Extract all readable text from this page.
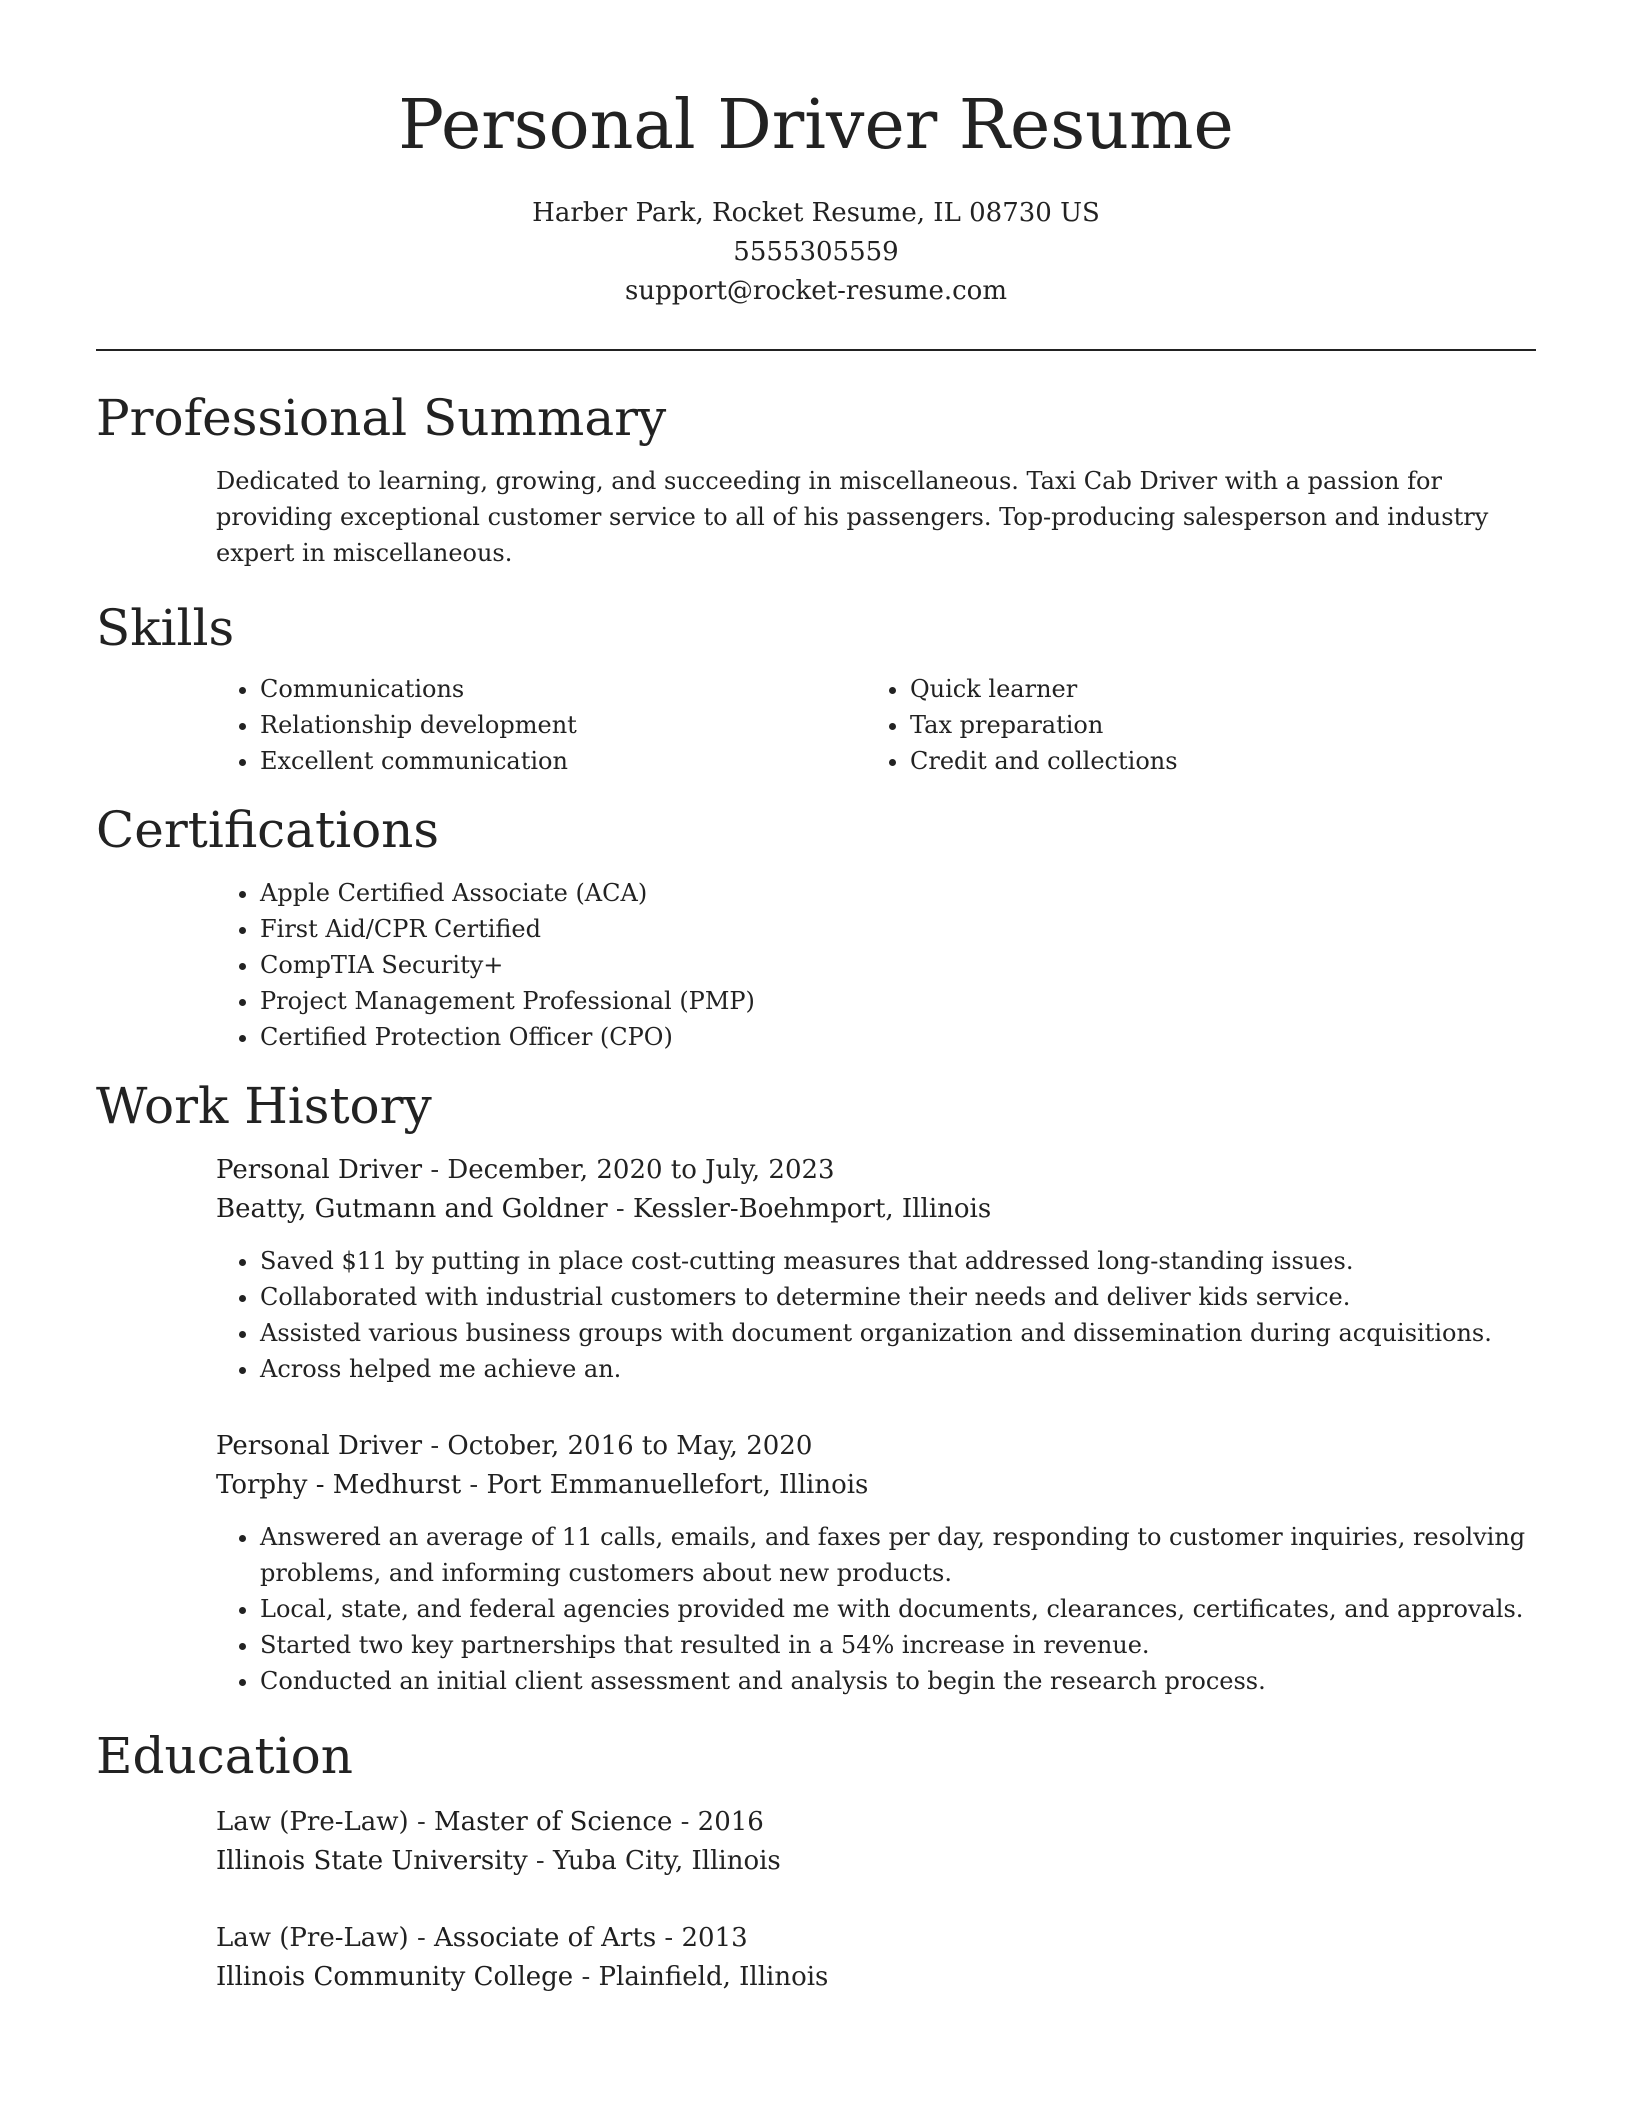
Personal Driver Resume
Harber Park, Rocket Resume, IL 08730 US
5555305559
support@rocket-resume.com
Professional Summary

Dedicated to learning, growing, and succeeding in miscellaneous. Taxi Cab Driver with a passion for providing exceptional customer service to all of his passengers. Top-producing salesperson and industry expert in miscellaneous.

Skills
• Communications
• Relationship development
• Excellent communication
• Quick learner
• Tax preparation
• Credit and collections
Certifications
• Apple Certified Associate (ACA)
• First Aid/CPR Certified
• CompTIA Security+
• Project Management Professional (PMP)
• Certified Protection Officer (CPO)
Work History
Personal Driver - December, 2020 to July, 2023
Beatty, Gutmann and Goldner - Kessler-Boehmport, Illinois
• Saved $11 by putting in place cost-cutting measures that addressed long-standing issues.
• Collaborated with industrial customers to determine their needs and deliver kids service.
• Assisted various business groups with document organization and dissemination during acquisitions.
• Across helped me achieve an.
Personal Driver - October, 2016 to May, 2020
Torphy - Medhurst - Port Emmanuellefort, Illinois
• Answered an average of 11 calls, emails, and faxes per day, responding to customer inquiries, resolving problems, and informing customers about new products.
• Local, state, and federal agencies provided me with documents, clearances, certificates, and approvals.
• Started two key partnerships that resulted in a 54% increase in revenue.
• Conducted an initial client assessment and analysis to begin the research process.
Education
Law (Pre-Law) - Master of Science - 2016
Illinois State University - Yuba City, Illinois
Law (Pre-Law) - Associate of Arts - 2013
Illinois Community College - Plainfield, Illinois
